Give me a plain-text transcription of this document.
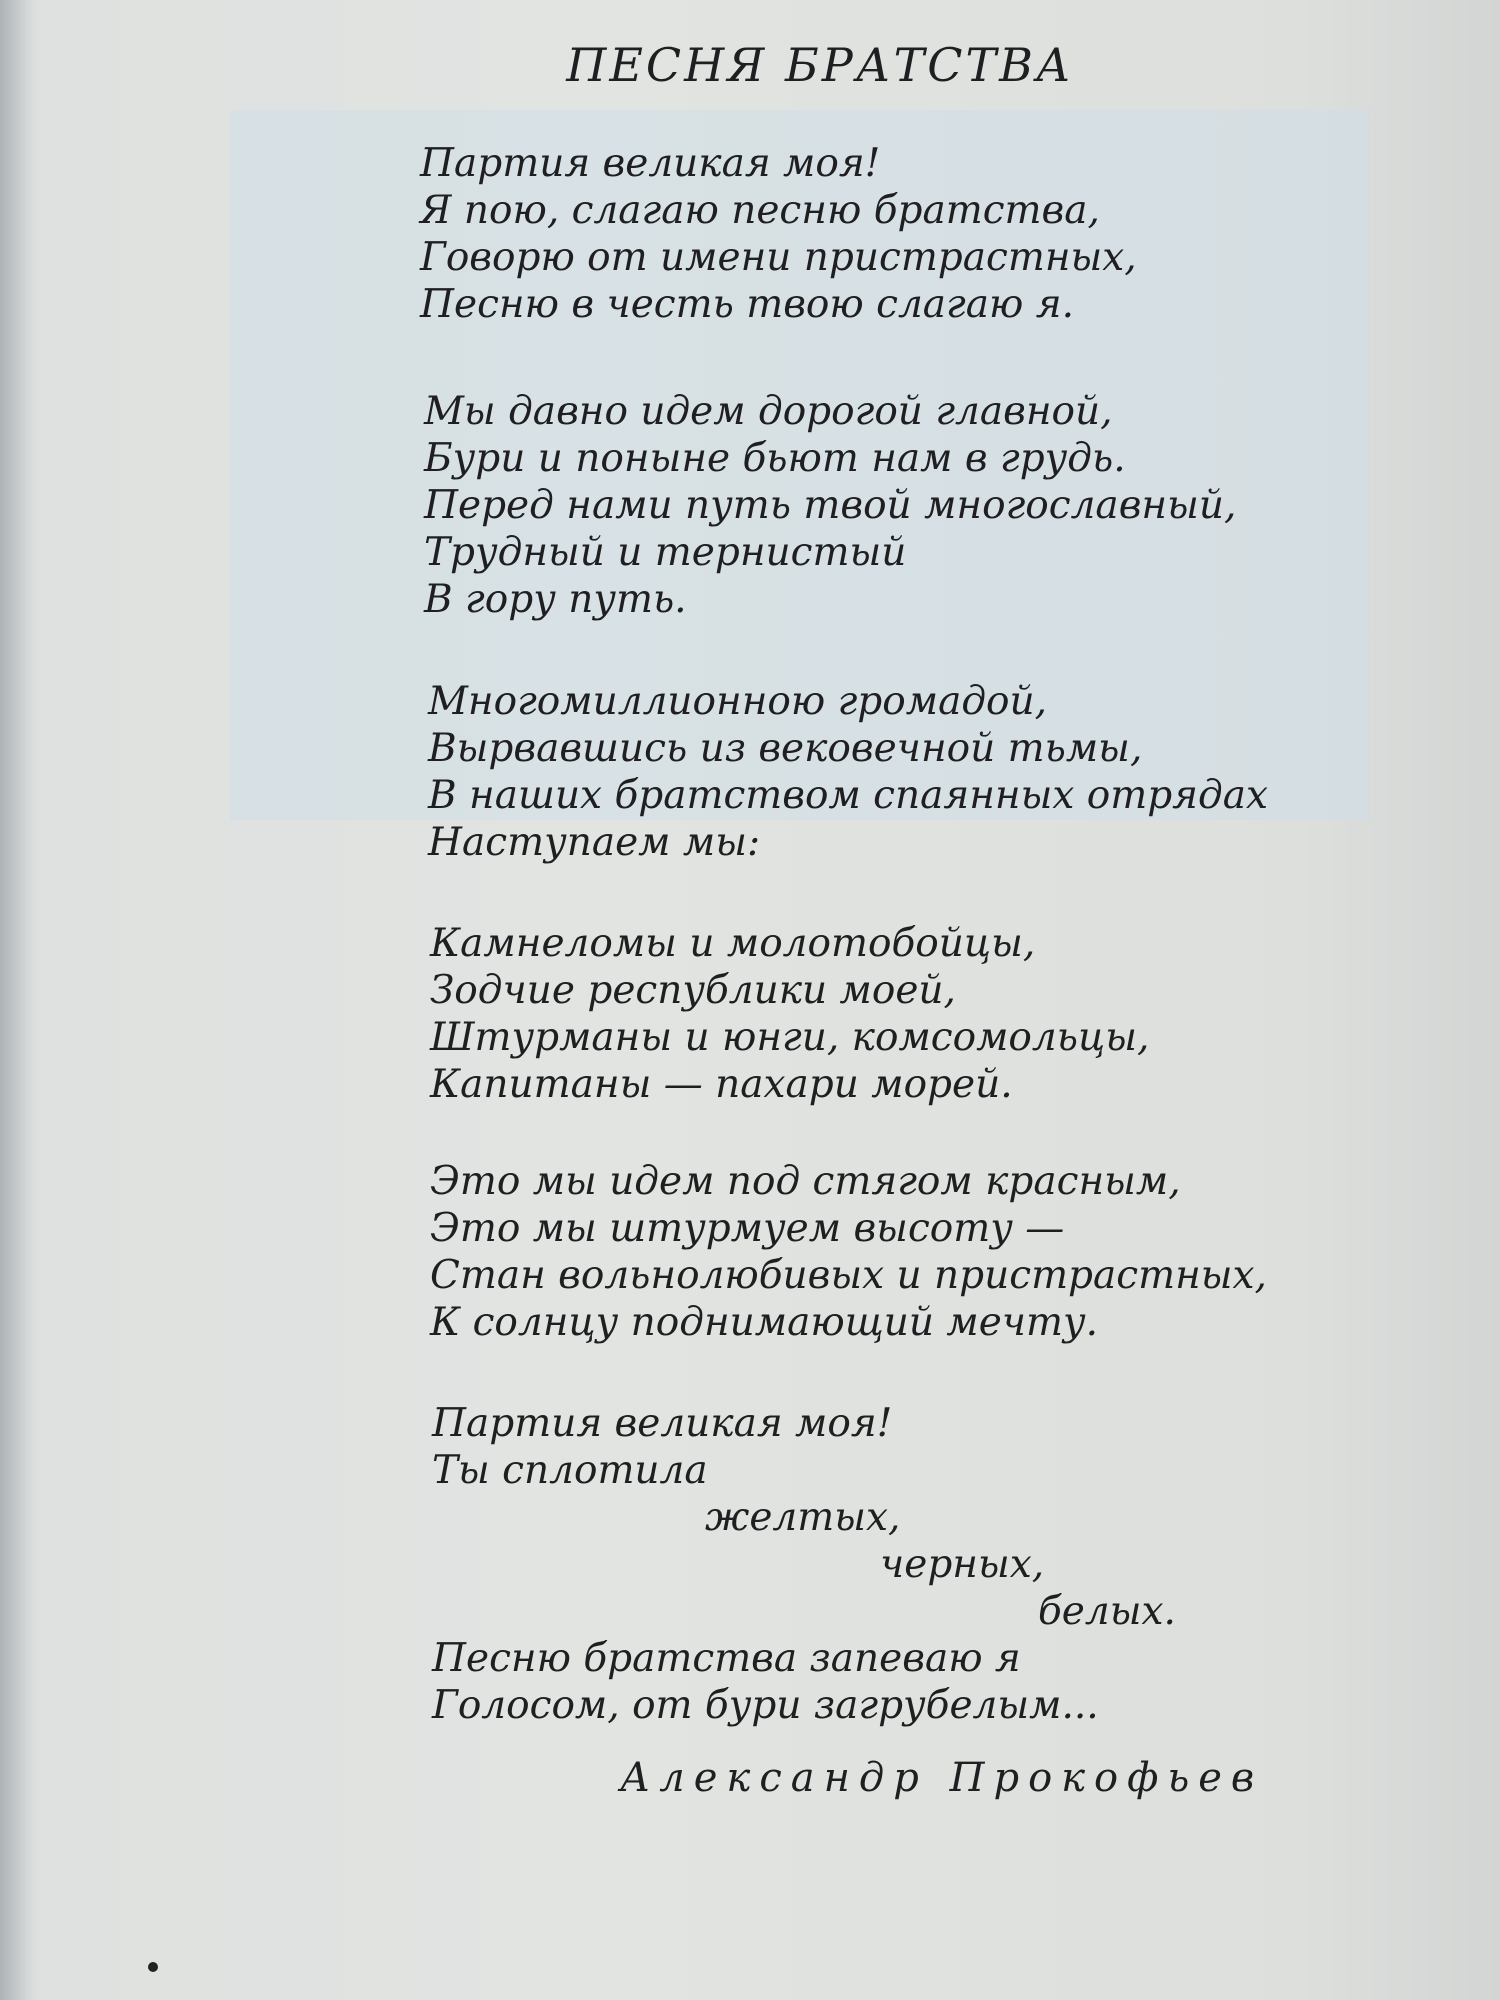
ПЕСНЯ БРАТСТВА
Партия великая моя!
Я пою, слагаю песню братства,
Говорю от имени пристрастных,
Песню в честь твою слагаю я.
Мы давно идем дорогой главной,
Бури и поныне бьют нам в грудь.
Перед нами путь твой многославный,
Трудный и тернистый
В гору путь.
Многомиллионною громадой,
Вырвавшись из вековечной тьмы,
В наших братством спаянных отрядах
Наступаем мы:
Камнеломы и молотобойцы,
Зодчие республики моей,
Штурманы и юнги, комсомольцы,
Капитаны — пахари морей.
Это мы идем под стягом красным,
Это мы штурмуем высоту —
Стан вольнолюбивых и пристрастных,
К солнцу поднимающий мечту.
Партия великая моя!
Ты сплотила
желтых,
черных,
белых.
Песню братства запеваю я
Голосом, от бури загрубелым...
Александр Прокофьев
